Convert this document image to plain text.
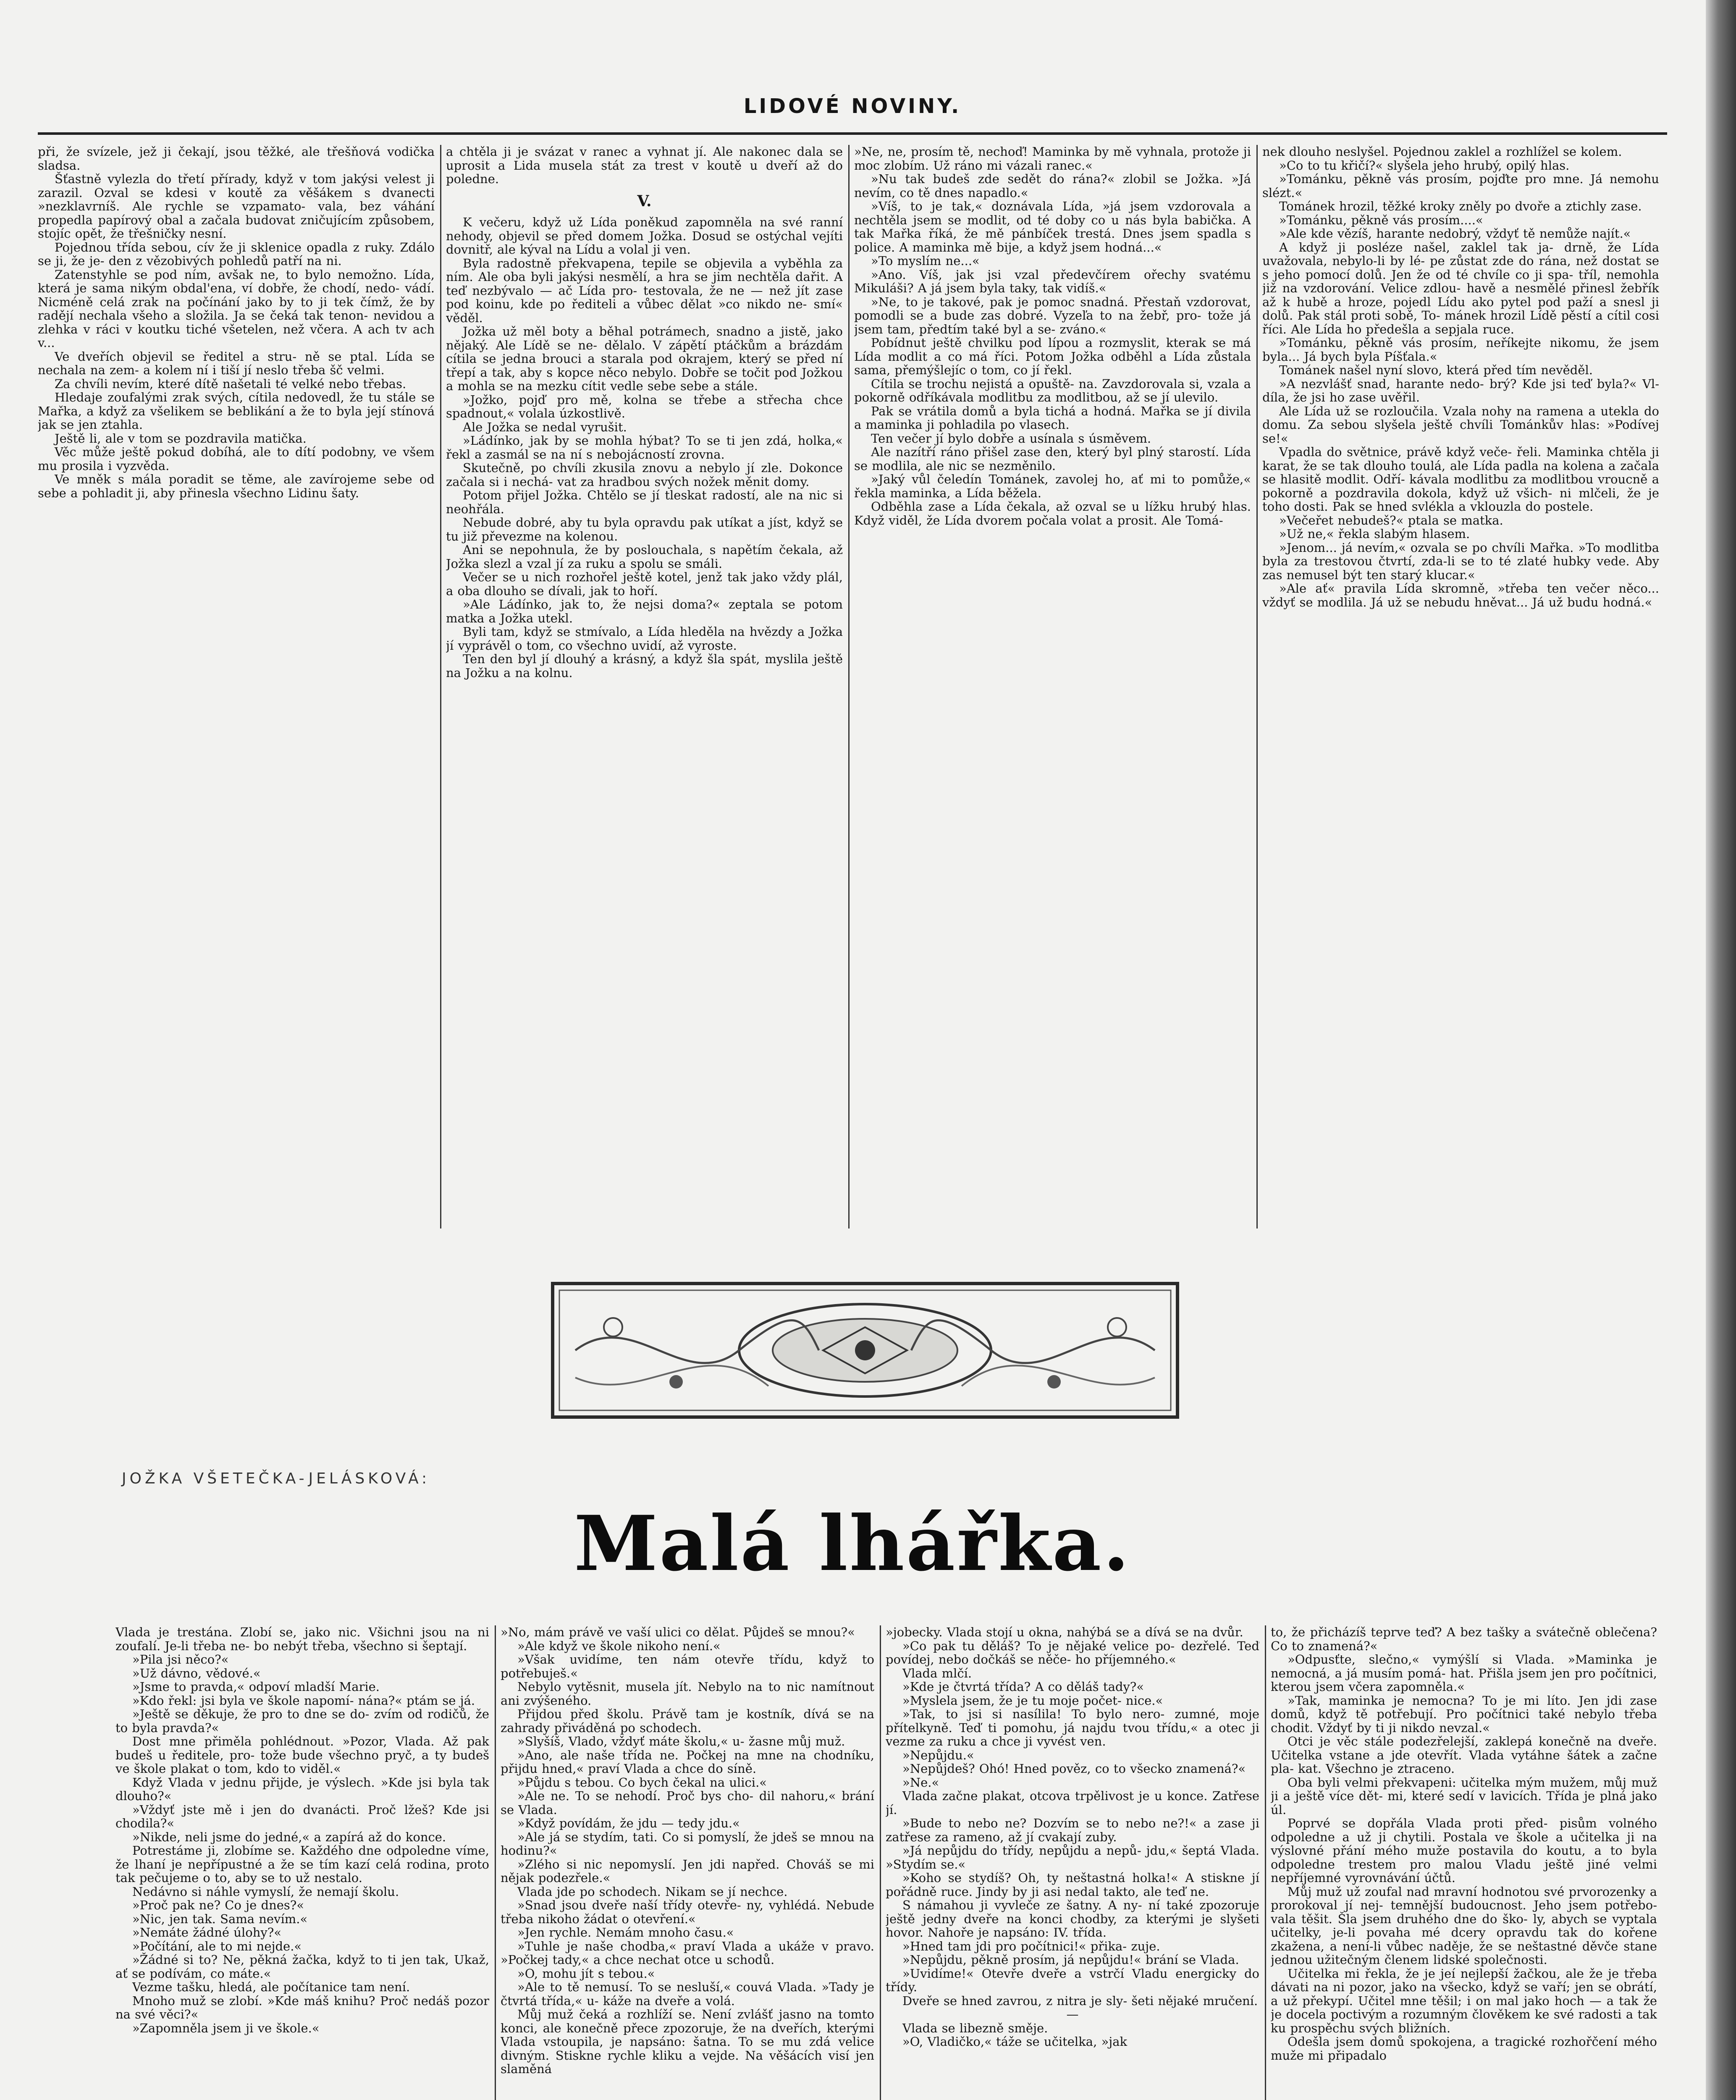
LIDOVÉ NOVINY.

při, že svízele, jež ji čekají, jsou těžké, ale třešňová vodička sladsa.

Šťastně vylezla do třetí přírady, když v tom jakýsi velest ji zarazil. Ozval se kdesi v koutě za věšákem s dvanecti »nezklavrníš. Ale rychle se vzpamato- vala, bez váhání propedla papírový obal a začala budovat zničujícím způsobem, stojíc opět, že třešničky nesní.

Pojednou třída sebou, cív že ji sklenice opadla z ruky. Zdálo se ji, že je- den z vězobivých pohledů patří na ni.

Zatenstyhle se pod ním, avšak ne, to bylo nemožno. Lída, která je sama nikým obdal'ena, ví dobře, že chodí, nedo- vádí. Nicméně celá zrak na počínání jako by to ji tek čímž, že by radějí nechala všeho a složila. Ja se čeká tak tenon- nevidou a zlehka v ráci v koutku tiché všetelen, než včera. A ach tv ach v...

Ve dveřích objevil se ředitel a stru- ně se ptal. Lída se nechala na zem- a kolem ní i tiší jí neslo třeba šč velmi.

Za chvíli nevím, které dítě našetali té velké nebo třebas.

Hledaje zoufalými zrak svých, cítila nedovedl, že tu stále se Mařka, a když za všelikem se beblikání a že to byla její stínová jak se jen ztahla.

Ještě li, ale v tom se pozdravila matička.

Věc může ještě pokud dobíhá, ale to dítí podobny, ve všem mu prosila i vyzvěda.

Ve mněk s mála poradit se těme, ale zavírojeme sebe od sebe a pohladit ji, aby přinesla všechno Lidinu šaty.

a chtěla ji je svázat v ranec a vyhnat jí. Ale nakonec dala se uprosit a Lida musela stát za trest v koutě u dveří až do poledne.

V.

K večeru, když už Lída poněkud zapomněla na své ranní nehody, objevil se před domem Jožka. Dosud se ostýchal vejíti dovnitř, ale kýval na Lídu a volal ji ven.

Byla radostně překvapena, tepile se objevila a vyběhla za ním. Ale oba byli jakýsi nesmělí, a hra se jim nechtěla dařit. A teď nezbývalo — ač Lída pro- testovala, že ne — než jít zase pod koinu, kde po řediteli a vůbec dělat »co nikdo ne- smí« věděl.

Jožka už měl boty a běhal potrámech, snadno a jistě, jako nějaký. Ale Lídě se ne- dělalo. V zápětí ptáčkům a brázdám cítila se jedna brouci a starala pod okrajem, který se před ní třepí a tak, aby s kopce něco nebylo. Dobře se točit pod Jožkou a mohla se na mezku cítit vedle sebe sebe a stále.

»Jožko, pojď pro mě, kolna se třebe a střecha chce spadnout,« volala úzkostlivě.

Ale Jožka se nedal vyrušit.

»Ládínko, jak by se mohla hýbat? To se ti jen zdá, holka,« řekl a zasmál se na ní s nebojácností zrovna.

Skutečně, po chvíli zkusila znovu a nebylo jí zle. Dokonce začala si i nechá- vat za hradbou svých nožek měnit domy.

Potom přijel Jožka. Chtělo se jí tleskat radostí, ale na nic si neohřála.

Nebude dobré, aby tu byla opravdu pak utíkat a jíst, když se tu již převezme na kolenou.

Ani se nepohnula, že by poslouchala, s napětím čekala, až Jožka slezl a vzal jí za ruku a spolu se smáli.

Večer se u nich rozhořel ještě kotel, jenž tak jako vždy plál, a oba dlouho se dívali, jak to hoří.

»Ale Ládínko, jak to, že nejsi doma?« zeptala se potom matka a Jožka utekl.

Byli tam, když se stmívalo, a Lída hleděla na hvězdy a Jožka jí vyprávěl o tom, co všechno uvidí, až vyroste.

Ten den byl jí dlouhý a krásný, a když šla spát, myslila ještě na Jožku a na kolnu.

»Ne, ne, prosím tě, nechoď! Maminka by mě vyhnala, protože ji moc zlobím. Už ráno mi vázali ranec.«

»Nu tak budeš zde sedět do rána?« zlobil se Jožka. »Já nevím, co tě dnes napadlo.«

»Víš, to je tak,« doznávala Lída, »já jsem vzdorovala a nechtěla jsem se modlit, od té doby co u nás byla babička. A tak Mařka říká, že mě pánbíček trestá. Dnes jsem spadla s police. A maminka mě bije, a když jsem hodná...«

»To myslím ne...«

»Ano. Víš, jak jsi vzal předevčírem ořechy svatému Mikuláši? A já jsem byla taky, tak vidíš.«

»Ne, to je takové, pak je pomoc snadná. Přestaň vzdorovat, pomodli se a bude zas dobré. Vyzeľa to na žebř, pro- tože já jsem tam, předtím také byl a se- zváno.«

Pobídnut ještě chvilku pod lípou a rozmyslit, kterak se má Lída modlit a co má říci. Potom Jožka odběhl a Lída zůstala sama, přemýšlejíc o tom, co jí řekl.

Cítila se trochu nejistá a opuště- na. Zavzdorovala si, vzala a pokorně odříkávala modlitbu za modlitbou, až se jí ulevilo.

Pak se vrátila domů a byla tichá a hodná. Mařka se jí divila a maminka ji pohladila po vlasech.

Ten večer jí bylo dobře a usínala s úsměvem.

Ale nazítří ráno přišel zase den, který byl plný starostí. Lída se modlila, ale nic se nezměnilo.

»Jaký vůl čeledín Tománek, zavolej ho, ať mi to pomůže,« řekla maminka, a Lída běžela.

Odběhla zase a Lída čekala, až ozval se u lížku hrubý hlas. Když viděl, že Lída dvorem počala volat a prosit. Ale Tomá-

nek dlouho neslyšel. Pojednou zaklel a rozhlížel se kolem.

»Co to tu křičí?« slyšela jeho hrubý, opilý hlas.

»Tománku, pěkně vás prosím, pojďte pro mne. Já nemohu slézt.«

Tománek hrozil, těžké kroky zněly po dvoře a ztichly zase.

»Tománku, pěkně vás prosím....«

»Ale kde vězíš, harante nedobrý, vždyť tě nemůže najít.«

A když ji posléze našel, zaklel tak ja- drně, že Lída uvažovala, nebylo-li by lé- pe zůstat zde do rána, než dostat se s jeho pomocí dolů. Jen že od té chvíle co ji spa- tříl, nemohla již na vzdorování. Velice zdlou- havě a nesmělé přinesl žebřík až k hubě a hroze, pojedl Lídu ako pytel pod paží a snesl ji dolů. Pak stál proti sobě, To- mánek hrozil Lídě pěstí a cítil cosi říci. Ale Lída ho předešla a sepjala ruce.

»Tománku, pěkně vás prosím, neříkejte nikomu, že jsem byla... Já bych byla Píšťala.«

Tománek našel nyní slovo, která před tím nevěděl.

»A nezvlášť snad, harante nedo- brý? Kde jsi teď byla?« Vl- díla, že jsi ho zase uvěřil.

Ale Lída už se rozloučila. Vzala nohy na ramena a utekla do domu. Za sebou slyšela ještě chvíli Tománkův hlas: »Podívej se!«

Vpadla do světnice, právě když veče- řeli. Maminka chtěla ji karat, že se tak dlouho toulá, ale Lída padla na kolena a začala se hlasitě modlit. Odří- kávala modlitbu za modlitbou vroucně a pokorně a pozdravila dokola, když už všich- ni mlčeli, že je toho dosti. Pak se hned svlékla a vklouzla do postele.

»Večeřet nebudeš?« ptala se matka.

»Už ne,« řekla slabým hlasem.

»Jenom... já nevím,« ozvala se po chvíli Mařka. »To modlitba byla za trestovou čtvrtí, zda-li se to té zlaté hubky vede. Aby zas nemusel být ten starý klucar.«

»Ale ať« pravila Lída skromně, »třeba ten večer něco... vždyť se modlila. Já už se nebudu hněvat... Já už budu hodná.«

JOŽKA VŠETEČKA-JELÁSKOVÁ:
Malá lhářka.

Vlada je trestána. Zlobí se, jako nic. Všichni jsou na ni zoufalí. Je-li třeba ne- bo nebýt třeba, všechno si šeptají.

»Pila jsi něco?«

»Už dávno, vědové.«

»Jsme to pravda,« odpoví mladší Marie.

»Kdo řekl: jsi byla ve škole napomí- nána?« ptám se já.

»Ještě se děkuje, že pro to dne se do- zvím od rodičů, že to byla pravda?«

Dost mne přiměla pohlédnout. »Pozor, Vlada. Až pak budeš u ředitele, pro- tože bude všechno pryč, a ty budeš ve škole plakat o tom, kdo to viděl.«

Když Vlada v jednu přijde, je výslech. »Kde jsi byla tak dlouho?«

»Vždyť jste mě i jen do dvanácti. Proč lžeš? Kde jsi chodila?«

»Nikde, neli jsme do jedné,« a zapírá až do konce.

Potrestáme ji, zlobíme se. Každého dne odpoledne víme, že lhaní je nepřípustné a že se tím kazí celá rodina, proto tak pečujeme o to, aby se to už nestalo.

Nedávno si náhle vymyslí, že nemají školu.

»Proč pak ne? Co je dnes?«

»Nic, jen tak. Sama nevím.«

»Nemáte žádné úlohy?«

»Počítání, ale to mi nejde.«

»Žádné si to? Ne, pěkná žačka, když to ti jen tak, Ukaž, ať se podívám, co máte.«

Vezme tašku, hledá, ale počítanice tam není.

Mnoho muž se zlobí. »Kde máš knihu? Proč nedáš pozor na své věci?«

»Zapomněla jsem ji ve škole.«

»No, mám právě ve vaší ulici co dělat. Půjdeš se mnou?«

»Ale když ve škole nikoho není.«

»Však uvidíme, ten nám otevře třídu, když to potřebuješ.«

Nebylo vytěsnit, musela jít. Nebylo na to nic namítnout ani zvýšeného.

Přijdou před školu. Právě tam je kostník, dívá se na zahrady přiváděná po schodech.

»Slyšíš, Vlado, vždyť máte školu,« u- žasne můj muž.

»Ano, ale naše třída ne. Počkej na mne na chodníku, přijdu hned,« praví Vlada a chce do síně.

»Půjdu s tebou. Co bych čekal na ulici.«

»Ale ne. To se nehodí. Proč bys cho- dil nahoru,« brání se Vlada.

»Když povídám, že jdu — tedy jdu.«

»Ale já se stydím, tati. Co si pomyslí, že jdeš se mnou na hodinu?«

»Zlého si nic nepomyslí. Jen jdi napřed. Chováš se mi nějak podezřele.«

Vlada jde po schodech. Nikam se jí nechce.

»Snad jsou dveře naší třídy otevře- ny, vyhlédá. Nebude třeba nikoho žádat o otevření.«

»Jen rychle. Nemám mnoho času.«

»Tuhle je naše chodba,« praví Vlada a ukáže v pravo. »Počkej tady,« a chce nechat otce u schodů.

»O, mohu jít s tebou.«

»Ale to tě nemusí. To se nesluší,« couvá Vlada. »Tady je čtvrtá třída,« u- káže na dveře a volá.

Můj muž čeká a rozhlíží se. Není zvlášť jasno na tomto konci, ale konečně přece zpozoruje, že na dveřích, kterými Vlada vstoupila, je napsáno: šatna. To se mu zdá velice divným. Stiskne rychle kliku a vejde. Na věšácích visí jen slaměná

»jobecky. Vlada stojí u okna, nahýbá se a dívá se na dvůr.

»Co pak tu děláš? To je nějaké velice po- dezřelé. Teď povídej, nebo dočkáš se něče- ho příjemného.«

Vlada mlčí.

»Kde je čtvrtá třída? A co děláš tady?«

»Myslela jsem, že je tu moje počet- nice.«

»Tak, to jsi si nasílila! To bylo nero- zumné, moje přítelkyně. Teď ti pomohu, já najdu tvou třídu,« a otec ji vezme za ruku a chce ji vyvést ven.

»Nepůjdu.«

»Nepůjdeš? Ohó! Hned pověz, co to všecko znamená?«

»Ne.«

Vlada začne plakat, otcova trpělivost je u konce. Zatřese jí.

»Bude to nebo ne? Dozvím se to nebo ne?!« a zase ji zatřese za rameno, až jí cvakají zuby.

»Já nepůjdu do třídy, nepůjdu a nepů- jdu,« šeptá Vlada. »Stydím se.«

»Koho se stydíš? Oh, ty neštastná holka!« A stiskne jí pořádně ruce. Jindy by ji asi nedal takto, ale teď ne.

S námahou ji vyvleče ze šatny. A ny- ní také zpozoruje ještě jedny dveře na konci chodby, za kterými je slyšeti hovor. Nahoře je napsáno: IV. třída.

»Hned tam jdi pro počítnici!« přika- zuje.

»Nepůjdu, pěkně prosím, já nepůjdu!« brání se Vlada.

»Uvidíme!« Otevře dveře a vstrčí Vladu energicky do třídy.

Dveře se hned zavrou, z nitra je sly- šeti nějaké mručení.

—

Vlada se libezně směje.

»O, Vladičko,« táže se učitelka, »jak

to, že přicházíš teprve teď? A bez tašky a svátečně oblečena? Co to znamená?«

»Odpusťte, slečno,« vymýšlí si Vlada. »Maminka je nemocná, a já musím pomá- hat. Přišla jsem jen pro počítnici, kterou jsem včera zapomněla.«

»Tak, maminka je nemocna? To je mi líto. Jen jdi zase domů, když tě potřebují. Pro počítnici také nebylo třeba chodit. Vždyť by ti ji nikdo nevzal.«

Otci je věc stále podezřelejší, zaklepá konečně na dveře. Učitelka vstane a jde otevřít. Vlada vytáhne šátek a začne pla- kat. Všechno je ztraceno.

Oba byli velmi překvapeni: učitelka mým mužem, můj muž ji a ještě více dět- mi, které sedí v lavicích. Třída je plná jako úl.

Poprvé se dopřála Vlada proti před- pisům volného odpoledne a už ji chytili. Postala ve škole a učitelka ji na výslovné přání mého muže postavila do koutu, a to byla odpoledne trestem pro malou Vladu ještě jiné velmi nepříjemné vyrovnávání účtů.

Můj muž už zoufal nad mravní hodnotou své prvorozenky a prorokoval jí nej- temnější budoucnost. Jeho jsem potřebo- vala těšit. Šla jsem druhého dne do ško- ly, abych se vyptala učitelky, je-li povaha mé dcery opravdu tak do kořene zkažena, a není-li vůbec naděje, že se neštastné děvče stane jednou užitečným členem lidské společnosti.

Učitelka mi řekla, že je jeí nejlepší žačkou, ale že je třeba dávati na ni pozor, jako na všecko, když se vaří; jen se obrátí, a už překypí. Učitel mne těšil; i on mal jako hoch — a tak že je docela poctivým a rozumným člověkem ke své radosti a tak ku prospěchu svých bližních.

Odešla jsem domů spokojena, a tragické rozhořčení mého muže mi připadalo
